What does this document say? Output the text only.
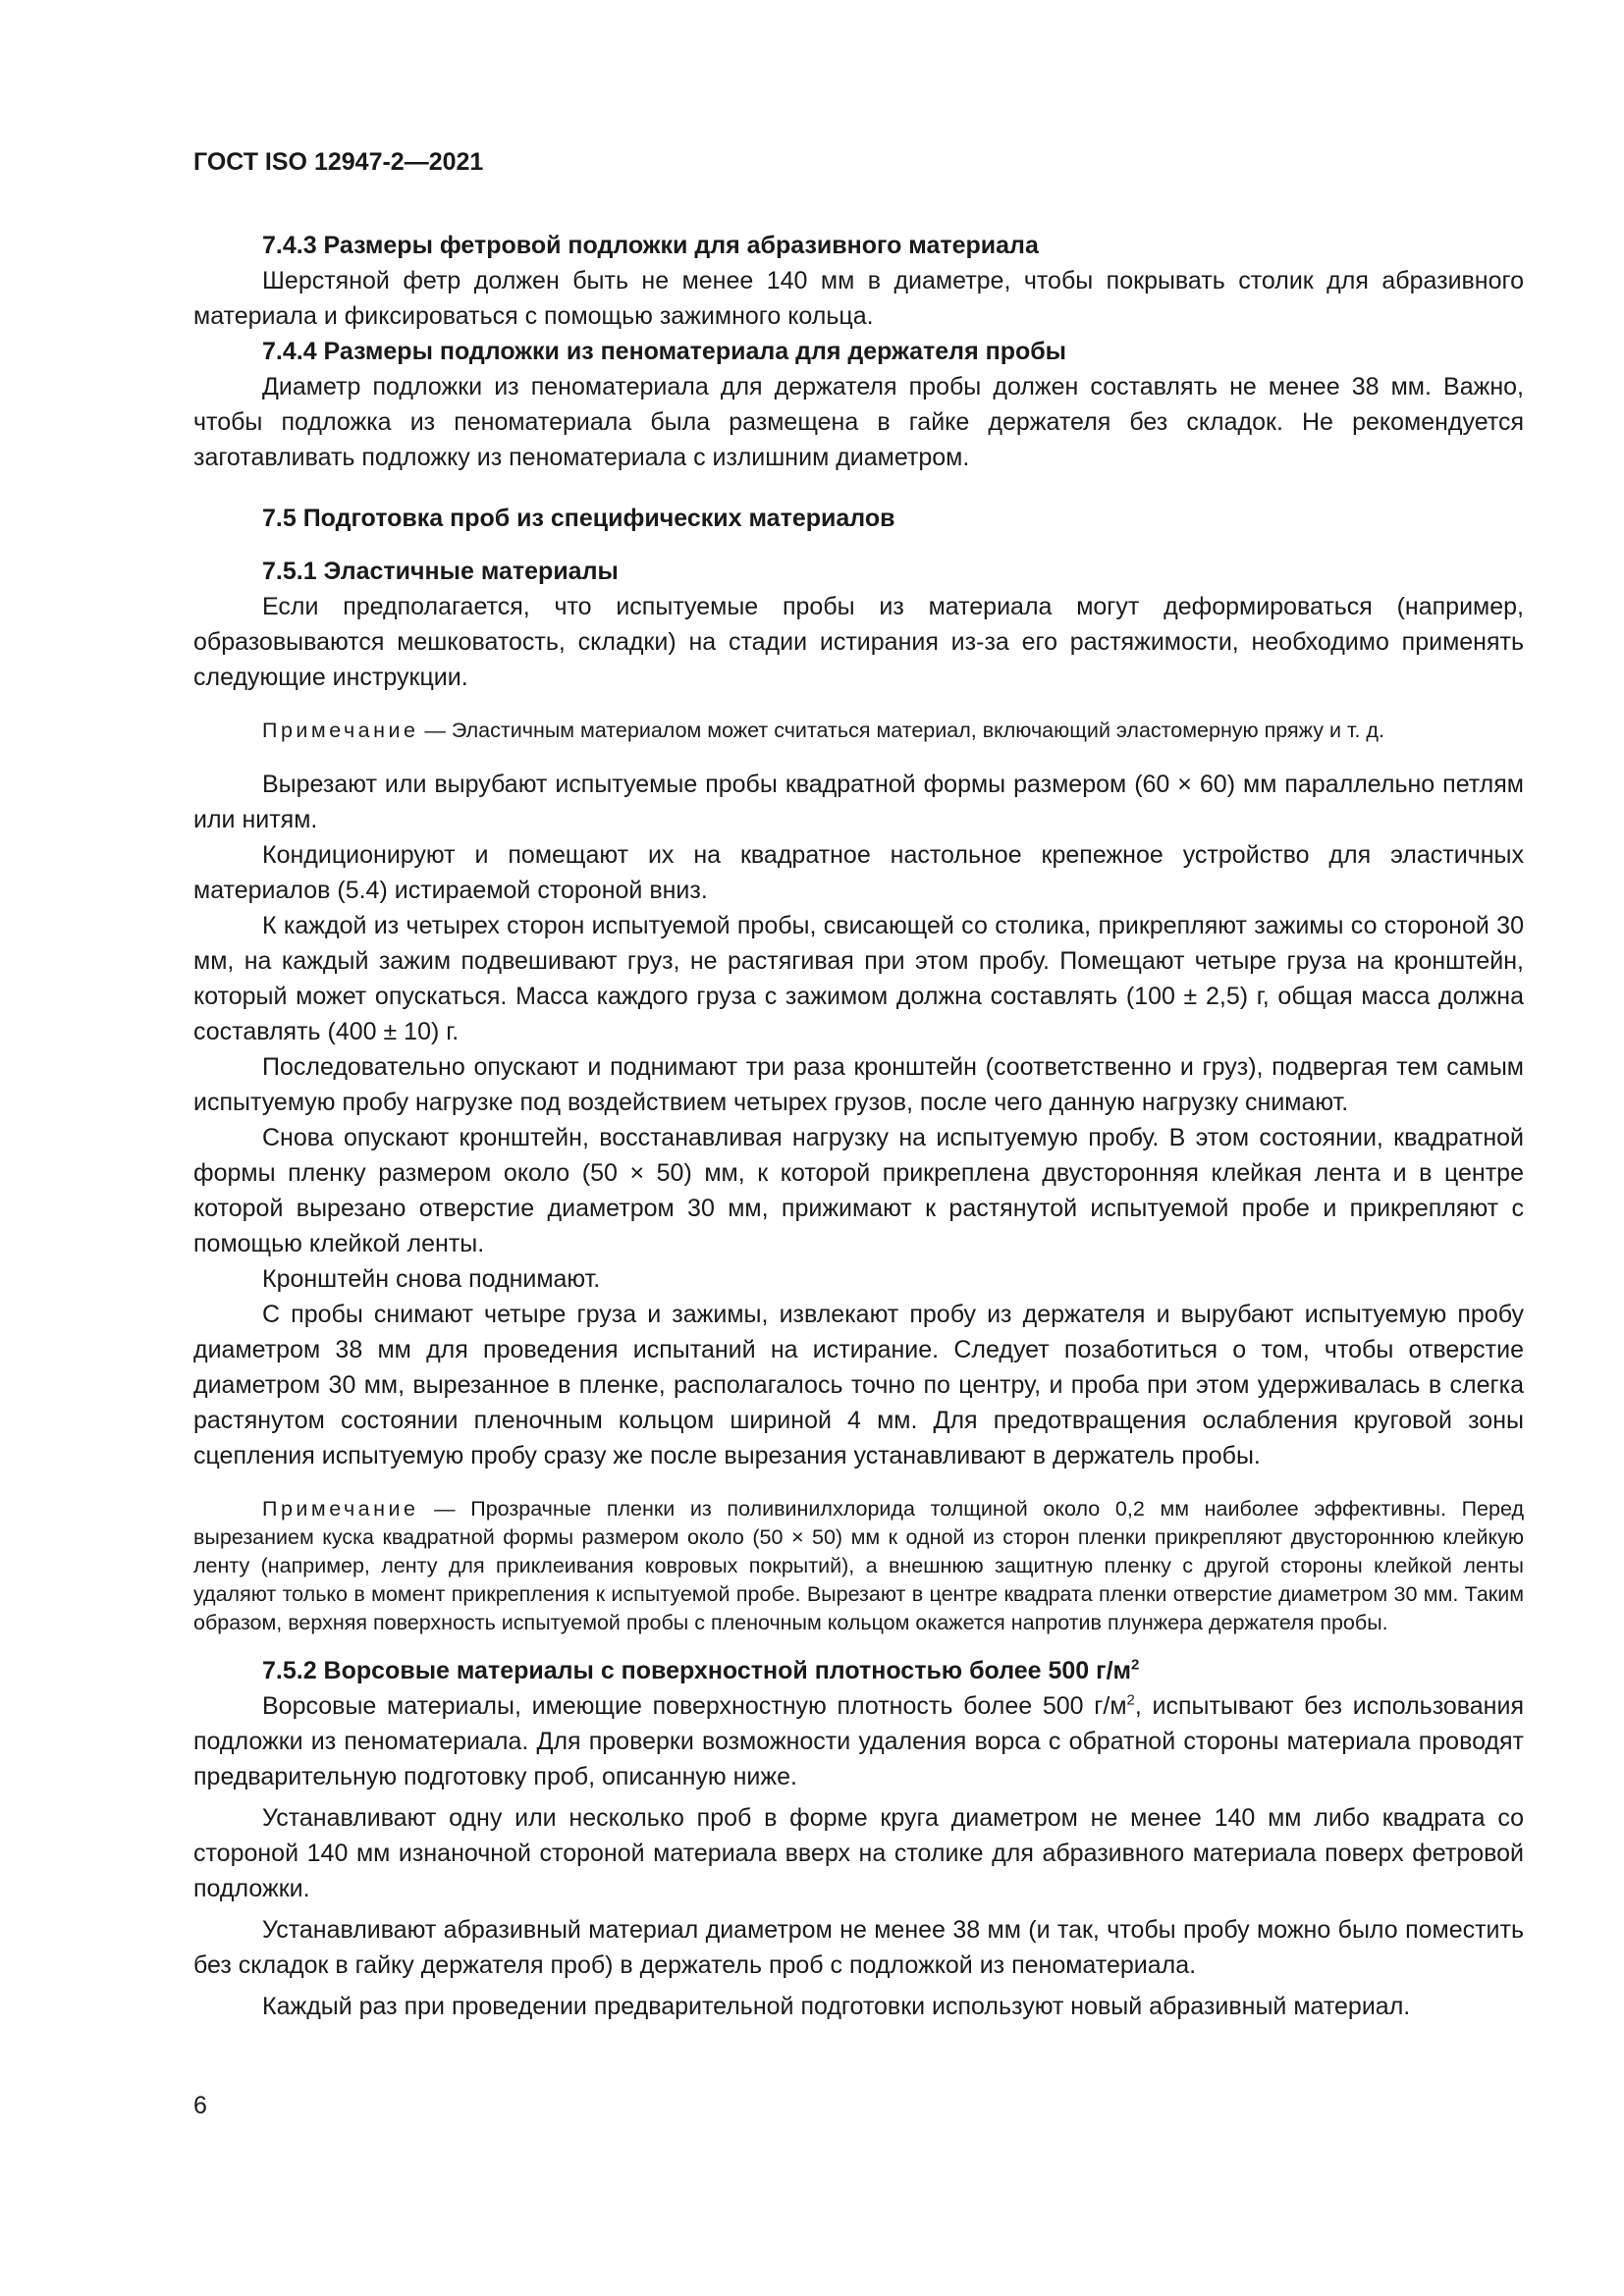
ГОСТ ISO 12947-2—2021

7.4.3 Размеры фетровой подложки для абразивного материала

Шерстяной фетр должен быть не менее 140 мм в диаметре, чтобы покрывать столик для абразивного материала и фиксироваться с помощью зажимного кольца.

7.4.4 Размеры подложки из пеноматериала для держателя пробы

Диаметр подложки из пеноматериала для держателя пробы должен составлять не менее 38 мм. Важно, чтобы подложка из пеноматериала была размещена в гайке держателя без складок. Не рекомендуется заготавливать подложку из пеноматериала с излишним диаметром.

7.5 Подготовка проб из специфических материалов

7.5.1 Эластичные материалы

Если предполагается, что испытуемые пробы из материала могут деформироваться (например, образовываются мешковатость, складки) на стадии истирания из-за его растяжимости, необходимо применять следующие инструкции.

Примечание — Эластичным материалом может считаться материал, включающий эластомерную пряжу и т. д.

Вырезают или вырубают испытуемые пробы квадратной формы размером (60 × 60) мм параллельно петлям или нитям.

Кондиционируют и помещают их на квадратное настольное крепежное устройство для эластичных материалов (5.4) истираемой стороной вниз.

К каждой из четырех сторон испытуемой пробы, свисающей со столика, прикрепляют зажимы со стороной 30 мм, на каждый зажим подвешивают груз, не растягивая при этом пробу. Помещают четыре груза на кронштейн, который может опускаться. Масса каждого груза с зажимом должна составлять (100 ± 2,5) г, общая масса должна составлять (400 ± 10) г.

Последовательно опускают и поднимают три раза кронштейн (соответственно и груз), подвергая тем самым испытуемую пробу нагрузке под воздействием четырех грузов, после чего данную нагрузку снимают.

Снова опускают кронштейн, восстанавливая нагрузку на испытуемую пробу. В этом состоянии, квадратной формы пленку размером около (50 × 50) мм, к которой прикреплена двусторонняя клейкая лента и в центре которой вырезано отверстие диаметром 30 мм, прижимают к растянутой испытуемой пробе и прикрепляют с помощью клейкой ленты.

Кронштейн снова поднимают.

С пробы снимают четыре груза и зажимы, извлекают пробу из держателя и вырубают испытуемую пробу диаметром 38 мм для проведения испытаний на истирание. Следует позаботиться о том, чтобы отверстие диаметром 30 мм, вырезанное в пленке, располагалось точно по центру, и проба при этом удерживалась в слегка растянутом состоянии пленочным кольцом шириной 4 мм. Для предотвращения ослабления круговой зоны сцепления испытуемую пробу сразу же после вырезания устанавливают в держатель пробы.

Примечание — Прозрачные пленки из поливинилхлорида толщиной около 0,2 мм наиболее эффективны. Перед вырезанием куска квадратной формы размером около (50 × 50) мм к одной из сторон пленки прикрепляют двустороннюю клейкую ленту (например, ленту для приклеивания ковровых покрытий), а внешнюю защитную пленку с другой стороны клейкой ленты удаляют только в момент прикрепления к испытуемой пробе. Вырезают в центре квадрата пленки отверстие диаметром 30 мм. Таким образом, верхняя поверхность испытуемой пробы с пленочным кольцом окажется напротив плунжера держателя пробы.

7.5.2 Ворсовые материалы с поверхностной плотностью более 500 $г/м^2$

Ворсовые материалы, имеющие поверхностную плотность более 500 $г/м^2$, испытывают без использования подложки из пеноматериала. Для проверки возможности удаления ворса с обратной стороны материала проводят предварительную подготовку проб, описанную ниже.

Устанавливают одну или несколько проб в форме круга диаметром не менее 140 мм либо квадрата со стороной 140 мм изнаночной стороной материала вверх на столике для абразивного материала поверх фетровой подложки.

Устанавливают абразивный материал диаметром не менее 38 мм (и так, чтобы пробу можно было поместить без складок в гайку держателя проб) в держатель проб с подложкой из пеноматериала.

Каждый раз при проведении предварительной подготовки используют новый абразивный материал.

6
